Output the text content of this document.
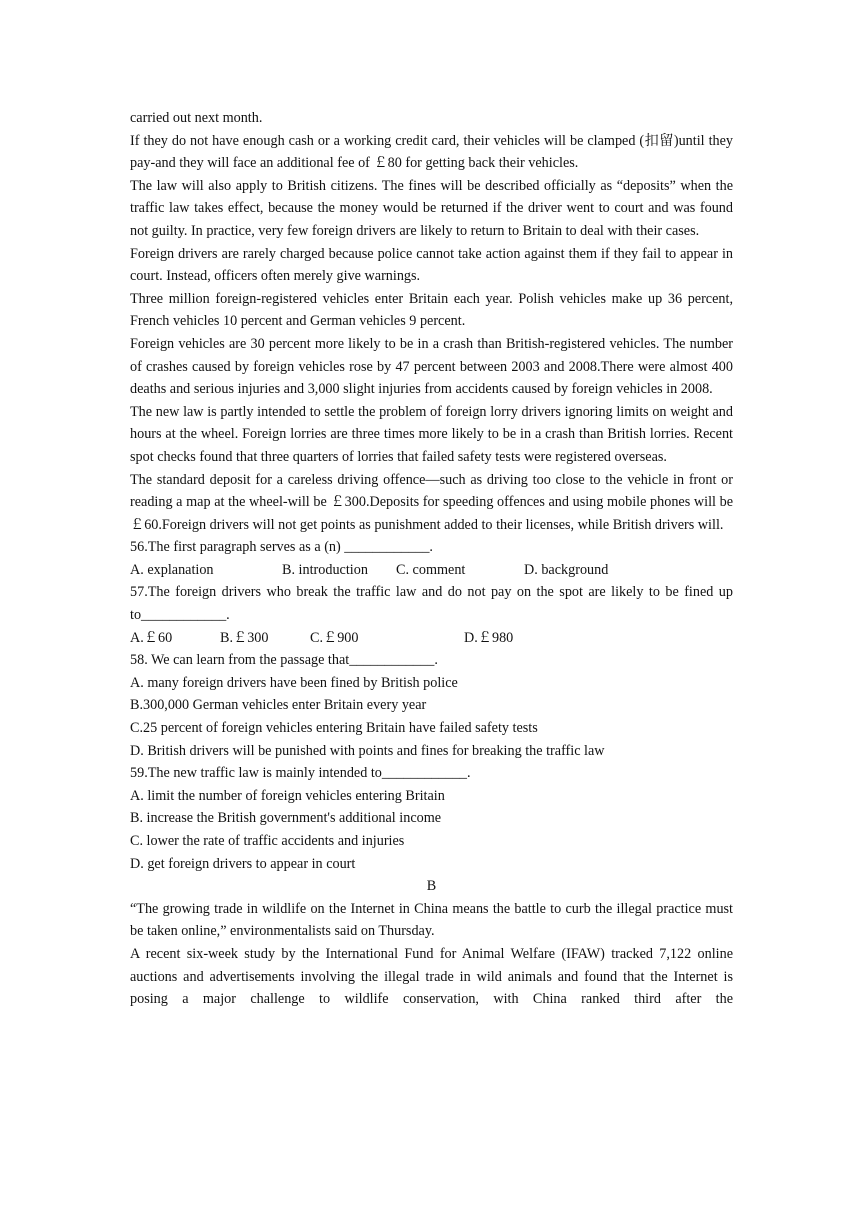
carried out next month.

If they do not have enough cash or a working credit card, their vehicles will be clamped (扣留)until they pay-and they will face an additional fee of ￡80 for getting back their vehicles.

The law will also apply to British citizens. The fines will be described officially as “deposits” when the traffic law takes effect, because the money would be returned if the driver went to court and was found not guilty. In practice, very few foreign drivers are likely to return to Britain to deal with their cases.

Foreign drivers are rarely charged because police cannot take action against them if they fail to appear in court. Instead, officers often merely give warnings.

Three million foreign-registered vehicles enter Britain each year. Polish vehicles make up 36 percent, French vehicles 10 percent and German vehicles 9 percent.

Foreign vehicles are 30 percent more likely to be in a crash than British-registered vehicles. The number of crashes caused by foreign vehicles rose by 47 percent between 2003 and 2008.There were almost 400 deaths and serious injuries and 3,000 slight injuries from accidents caused by foreign vehicles in 2008.

The new law is partly intended to settle the problem of foreign lorry drivers ignoring limits on weight and hours at the wheel. Foreign lorries are three times more likely to be in a crash than British lorries. Recent spot checks found that three quarters of lorries that failed safety tests were registered overseas.

The standard deposit for a careless driving offence—such as driving too close to the vehicle in front or reading a map at the wheel-will be ￡300.Deposits for speeding offences and using mobile phones will be ￡60.Foreign drivers will not get points as punishment added to their licenses, while British drivers will.

56.The first paragraph serves as a (n) ____________.

A. explanation	B. introduction C. comment	D. background

57.The foreign drivers who break the traffic law and do not pay on the spot are likely to be fined up to____________.

A.￡60	B.￡300	C.￡900	D.￡980

58. We can learn from the passage that____________.

A. many foreign drivers have been fined by British police

B.300,000 German vehicles enter Britain every year

C.25 percent of foreign vehicles entering Britain have failed safety tests

D. British drivers will be punished with points and fines for breaking the traffic law

59.The new traffic law is mainly intended to____________.

A. limit the number of foreign vehicles entering Britain

B. increase the British government's additional income

C. lower the rate of traffic accidents and injuries

D. get foreign drivers to appear in court

B

“The growing trade in wildlife on the Internet in China means the battle to curb the illegal practice must be taken online,” environmentalists said on Thursday.

A recent six-week study by the International Fund for Animal Welfare (IFAW) tracked 7,122 online auctions and advertisements involving the illegal trade in wild animals and found that the Internet is posing a major challenge to wildlife conservation, with China ranked third after the
